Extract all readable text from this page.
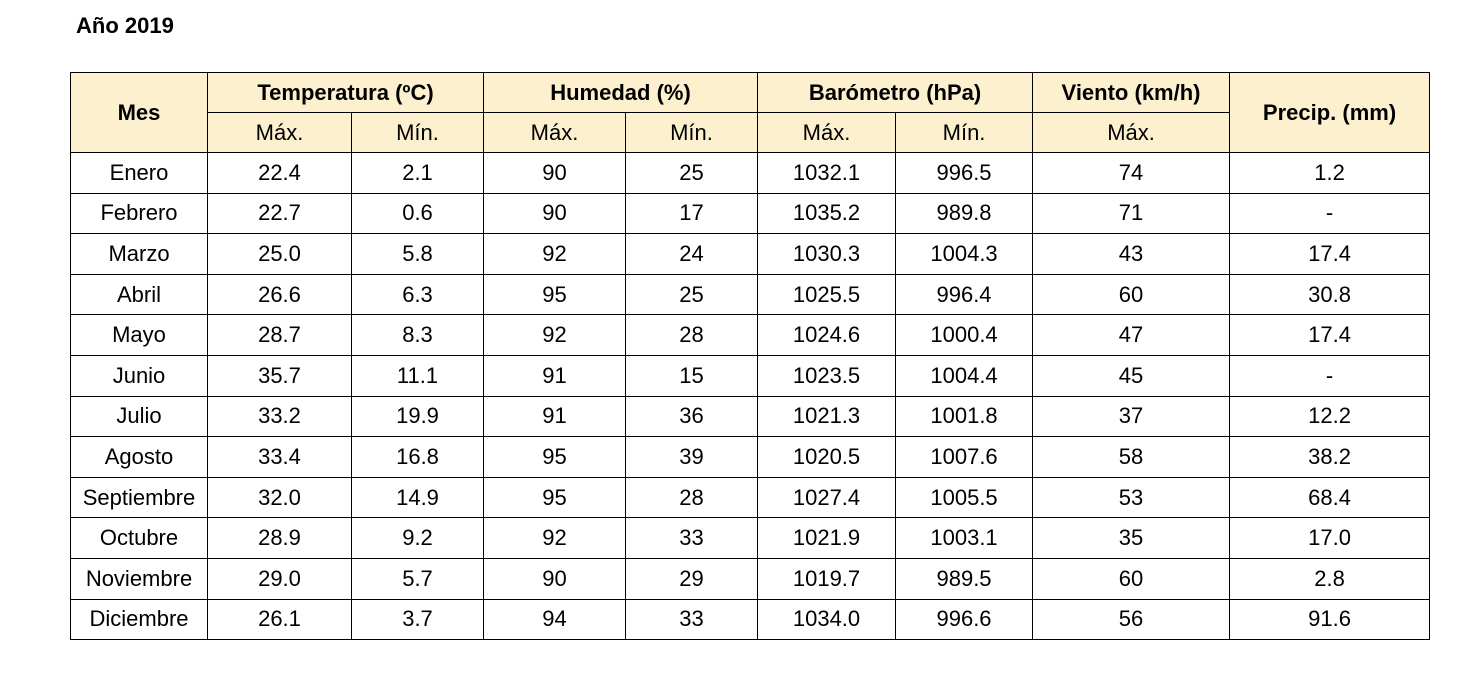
Año 2019
Mes	Temperatura (ºC)		Humedad (%)		Barómetro (hPa)		Viento (km/h)	Precip. (mm)
	Máx.	Mín.	Máx.	Mín.	Máx.	Mín.	Máx.	
Enero	22.4	2.1	90	25	1032.1	996.5	74	1.2
Febrero	22.7	0.6	90	17	1035.2	989.8	71	-
Marzo	25.0	5.8	92	24	1030.3	1004.3	43	17.4
Abril	26.6	6.3	95	25	1025.5	996.4	60	30.8
Mayo	28.7	8.3	92	28	1024.6	1000.4	47	17.4
Junio	35.7	11.1	91	15	1023.5	1004.4	45	-
Julio	33.2	19.9	91	36	1021.3	1001.8	37	12.2
Agosto	33.4	16.8	95	39	1020.5	1007.6	58	38.2
Septiembre	32.0	14.9	95	28	1027.4	1005.5	53	68.4
Octubre	28.9	9.2	92	33	1021.9	1003.1	35	17.0
Noviembre	29.0	5.7	90	29	1019.7	989.5	60	2.8
Diciembre	26.1	3.7	94	33	1034.0	996.6	56	91.6
